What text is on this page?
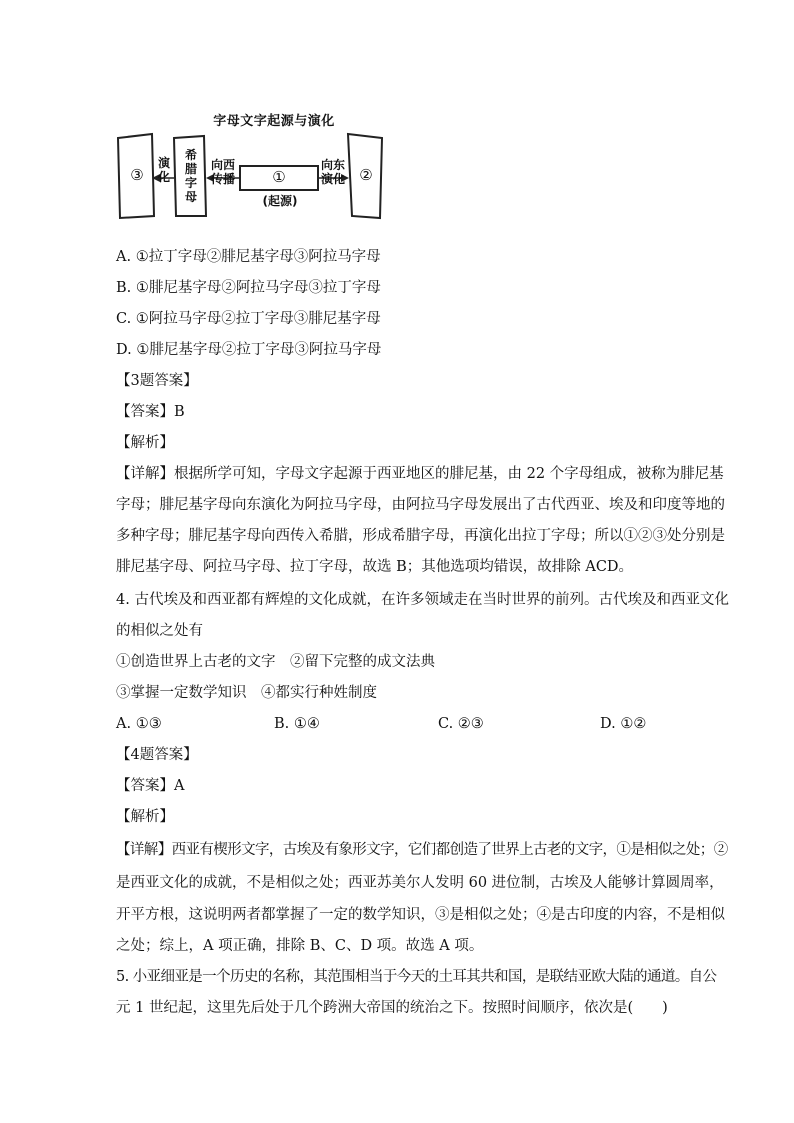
字母文字起源与演化
③
演
化
希
腊
字
母
向西
传播	①
(起源)
向东
演化 ②
A. ①拉丁字母②腓尼基字母③阿拉马字母
B. ①腓尼基字母②阿拉马字母③拉丁字母
C. ①阿拉马字母②拉丁字母③腓尼基字母
D. ①腓尼基字母②拉丁字母③阿拉马字母
【3题答案】
【答案】B
【解析】
【详解】根据所学可知，字母文字起源于西亚地区的腓尼基，由 22 个字母组成，被称为腓尼基
字母；腓尼基字母向东演化为阿拉马字母，由阿拉马字母发展出了古代西亚、埃及和印度等地的
多种字母；腓尼基字母向西传入希腊，形成希腊字母，再演化出拉丁字母；所以①②③处分别是
腓尼基字母、阿拉马字母、拉丁字母，故选 B；其他选项均错误，故排除 ACD。
4. 古代埃及和西亚都有辉煌的文化成就，在许多领域走在当时世界的前列。古代埃及和西亚文化
的相似之处有
①创造世界上古老的文字　②留下完整的成文法典
③掌握一定数学知识　④都实行种姓制度
A. ①③	B. ①④	C. ②③	D. ①②
【4题答案】
【答案】A
【解析】
【详解】西亚有楔形文字，古埃及有象形文字，它们都创造了世界上古老的文字，①是相似之处；②
是西亚文化的成就，不是相似之处；西亚苏美尔人发明 60 进位制，古埃及人能够计算圆周率，
开平方根，这说明两者都掌握了一定的数学知识，③是相似之处；④是古印度的内容，不是相似
之处；综上，A 项正确，排除 B、C、D 项。故选 A 项。
5. 小亚细亚是一个历史的名称，其范围相当于今天的土耳其共和国，是联结亚欧大陆的通道。自公
元 1 世纪起，这里先后处于几个跨洲大帝国的统治之下。按照时间顺序，依次是(　　)
